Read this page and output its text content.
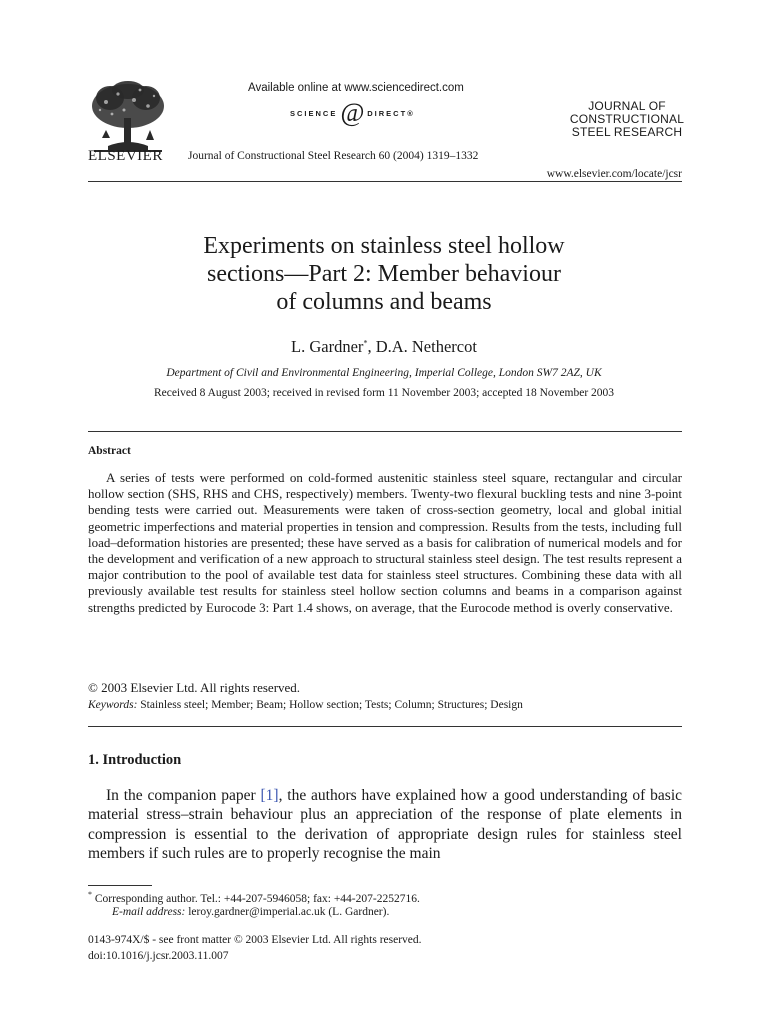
ELSEVIER
Available online at www.sciencedirect.com
SCIENCE @ DIRECT ®
Journal of Constructional Steel Research 60 (2004) 1319–1332
JOURNAL OF
CONSTRUCTIONAL
STEEL RESEARCH
www.elsevier.com/locate/jcsr
Experiments on stainless steel hollow
sections—Part 2: Member behaviour
of columns and beams
L. Gardner*, D.A. Nethercot
Department of Civil and Environmental Engineering, Imperial College, London SW7 2AZ, UK
Received 8 August 2003; received in revised form 11 November 2003; accepted 18 November 2003
Abstract

A series of tests were performed on cold-formed austenitic stainless steel square, rectangular and circular hollow section (SHS, RHS and CHS, respectively) members. Twenty-two flexural buckling tests and nine 3-point bending tests were carried out. Measurements were taken of cross-section geometry, local and global initial geometric imperfections and material properties in tension and compression. Results from the tests, including full load–deformation histories are presented; these have served as a basis for calibration of numerical models and for the development and verification of a new approach to structural stainless steel design. The test results represent a major contribution to the pool of available test data for stainless steel structures. Combining these data with all previously available test results for stainless steel hollow section columns and beams in a comparison against strengths predicted by Eurocode 3: Part 1.4 shows, on average, that the Eurocode method is overly conservative.

© 2003 Elsevier Ltd. All rights reserved.
Keywords: Stainless steel; Member; Beam; Hollow section; Tests; Column; Structures; Design
1. Introduction

In the companion paper [1], the authors have explained how a good understanding of basic material stress–strain behaviour plus an appreciation of the response of plate elements in compression is essential to the derivation of appropriate design rules for stainless steel members if such rules are to properly recognise the main

* Corresponding author. Tel.: +44-207-5946058; fax: +44-207-2252716.
E-mail address: leroy.gardner@imperial.ac.uk (L. Gardner).
0143-974X/$ - see front matter © 2003 Elsevier Ltd. All rights reserved.
doi:10.1016/j.jcsr.2003.11.007
